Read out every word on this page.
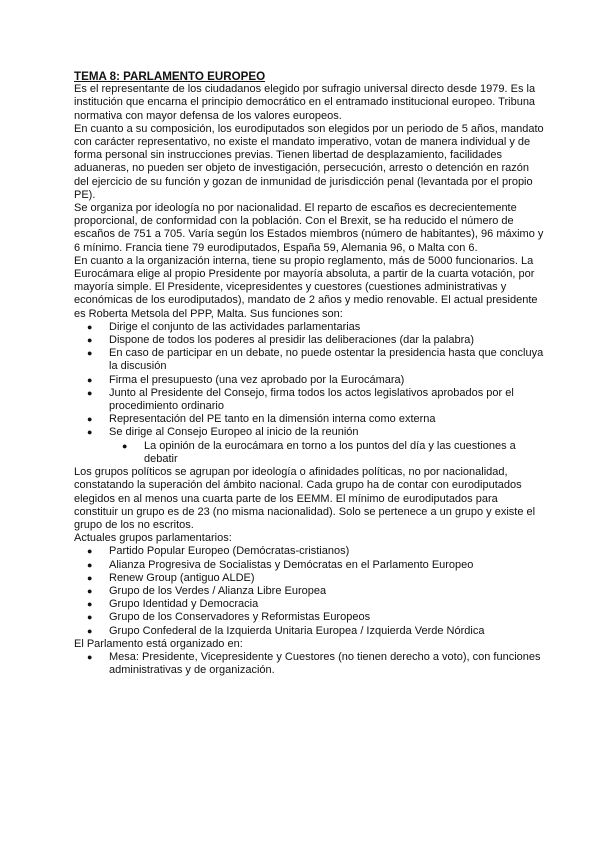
TEMA 8: PARLAMENTO EUROPEO

Es el representante de los ciudadanos elegido por sufragio universal directo desde 1979. Es la institución que encarna el principio democrático en el entramado institucional europeo. Tribuna normativa con mayor defensa de los valores europeos.

En cuanto a su composición, los eurodiputados son elegidos por un periodo de 5 años, mandato con carácter representativo, no existe el mandato imperativo, votan de manera individual y de forma personal sin instrucciones previas. Tienen libertad de desplazamiento, facilidades aduaneras, no pueden ser objeto de investigación, persecución, arresto o detención en razón del ejercicio de su función y gozan de inmunidad de jurisdicción penal (levantada por el propio PE).

Se organiza por ideología no por nacionalidad. El reparto de escaños es decrecientemente proporcional, de conformidad con la población. Con el Brexit, se ha reducido el número de escaños de 751 a 705. Varía según los Estados miembros (número de habitantes), 96 máximo y 6 mínimo. Francia tiene 79 eurodiputados, España 59, Alemania 96, o Malta con 6.

En cuanto a la organización interna, tiene su propio reglamento, más de 5000 funcionarios. La Eurocámara elige al propio Presidente por mayoría absoluta, a partir de la cuarta votación, por mayoría simple. El Presidente, vicepresidentes y cuestores (cuestiones administrativas y económicas de los eurodiputados), mandato de 2 años y medio renovable. El actual presidente es Roberta Metsola del PPP, Malta. Sus funciones son:

● Dirige el conjunto de las actividades parlamentarias
● Dispone de todos los poderes al presidir las deliberaciones (dar la palabra)
● En caso de participar en un debate, no puede ostentar la presidencia hasta que concluya la discusión
● Firma el presupuesto (una vez aprobado por la Eurocámara)
● Junto al Presidente del Consejo, firma todos los actos legislativos aprobados por el procedimiento ordinario
● Representación del PE tanto en la dimensión interna como externa
● Se dirige al Consejo Europeo al inicio de la reunión
● La opinión de la eurocámara en torno a los puntos del día y las cuestiones a debatir

Los grupos políticos se agrupan por ideología o afinidades políticas, no por nacionalidad, constatando la superación del ámbito nacional. Cada grupo ha de contar con eurodiputados elegidos en al menos una cuarta parte de los EEMM. El mínimo de eurodiputados para constituir un grupo es de 23 (no misma nacionalidad). Solo se pertenece a un grupo y existe el grupo de los no escritos.

Actuales grupos parlamentarios:

● Partido Popular Europeo (Demócratas-cristianos)
● Alianza Progresiva de Socialistas y Demócratas en el Parlamento Europeo
● Renew Group (antiguo ALDE)
● Grupo de los Verdes / Alianza Libre Europea
● Grupo Identidad y Democracia
● Grupo de los Conservadores y Reformistas Europeos
● Grupo Confederal de la Izquierda Unitaria Europea / Izquierda Verde Nórdica

El Parlamento está organizado en:

● Mesa: Presidente, Vicepresidente y Cuestores (no tienen derecho a voto), con funciones administrativas y de organización.
